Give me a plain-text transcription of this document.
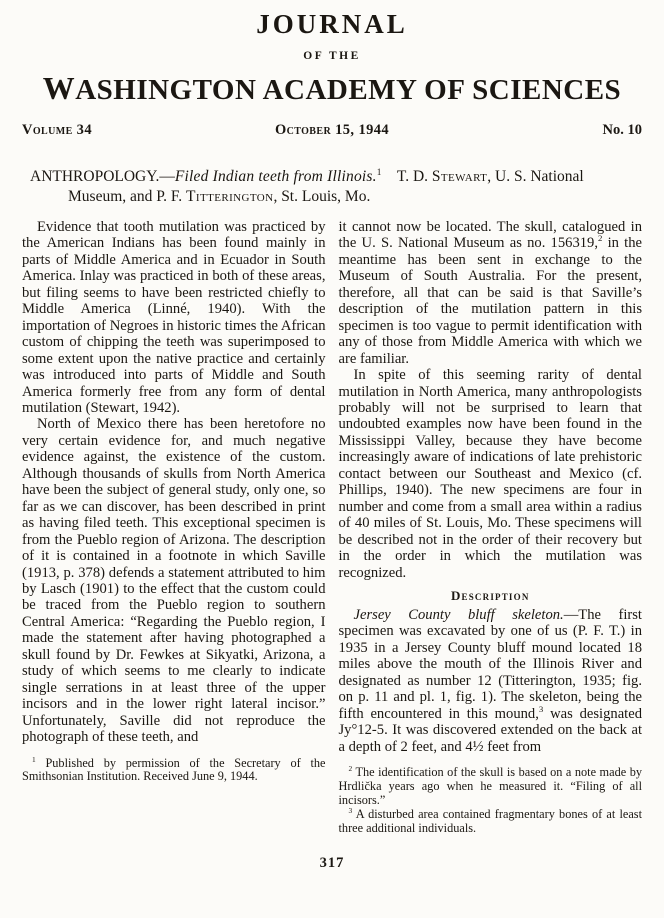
JOURNAL
OF THE
WASHINGTON ACADEMY OF SCIENCES
Volume 34	October 15, 1944	No. 10

ANTHROPOLOGY.—Filed Indian teeth from Illinois.$^1$  T. D. Stewart, U. S. National Museum, and P. F. Titterington, St. Louis, Mo.

Evidence that tooth mutilation was practiced by the American Indians has been found mainly in parts of Middle America and in Ecuador in South America. Inlay was practiced in both of these areas, but filing seems to have been restricted chiefly to Middle America (Linné, 1940). With the importation of Negroes in historic times the African custom of chipping the teeth was superimposed to some extent upon the native practice and certainly was introduced into parts of Middle and South America formerly free from any form of dental mutilation (Stewart, 1942).

North of Mexico there has been heretofore no very certain evidence for, and much negative evidence against, the existence of the custom. Although thousands of skulls from North America have been the subject of general study, only one, so far as we can discover, has been described in print as having filed teeth. This exceptional specimen is from the Pueblo region of Arizona. The description of it is contained in a footnote in which Saville (1913, p. 378) defends a statement attributed to him by Lasch (1901) to the effect that the custom could be traced from the Pueblo region to southern Central America: “Regarding the Pueblo region, I made the statement after having photographed a skull found by Dr. Fewkes at Sikyatki, Arizona, a study of which seems to me clearly to indicate single serrations in at least three of the upper incisors and in the lower right lateral incisor.” Unfortunately, Saville did not reproduce the photograph of these teeth, and

$^1$ Published by permission of the Secretary of the Smithsonian Institution. Received June 9, 1944.

it cannot now be located. The skull, catalogued in the U. S. National Museum as no. 156319,$^2$ in the meantime has been sent in exchange to the Museum of South Australia. For the present, therefore, all that can be said is that Saville’s description of the mutilation pattern in this specimen is too vague to permit identification with any of those from Middle America with which we are familiar.

In spite of this seeming rarity of dental mutilation in North America, many anthropologists probably will not be surprised to learn that undoubted examples now have been found in the Mississippi Valley, because they have become increasingly aware of indications of late prehistoric contact between our Southeast and Mexico (cf. Phillips, 1940). The new specimens are four in number and come from a small area within a radius of 40 miles of St. Louis, Mo. These specimens will be described not in the order of their recovery but in the order in which the mutilation was recognized.

Description

Jersey County bluff skeleton.—The first specimen was excavated by one of us (P. F. T.) in 1935 in a Jersey County bluff mound located 18 miles above the mouth of the Illinois River and designated as number 12 (Titterington, 1935; fig. on p. 11 and pl. 1, fig. 1). The skeleton, being the fifth encountered in this mound,$^3$ was designated Jy°12-5. It was discovered extended on the back at a depth of 2 feet, and 4½ feet from

$^2$ The identification of the skull is based on a note made by Hrdlička years ago when he measured it. “Filing of all incisors.”

$^3$ A disturbed area contained fragmentary bones of at least three additional individuals.

317
